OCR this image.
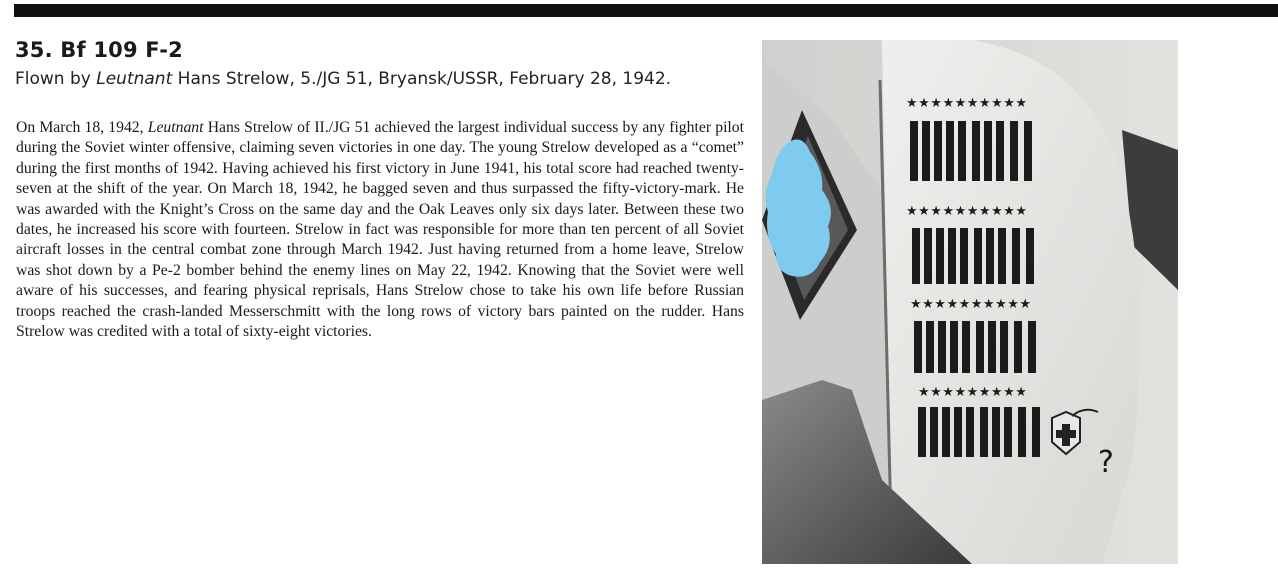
35. Bf 109 F-2
Flown by Leutnant Hans Strelow, 5./JG 51, Bryansk/USSR, February 28, 1942.

On March 18, 1942, Leutnant Hans Strelow of II./JG 51 achieved the largest individual success by any fighter pilot during the Soviet winter offensive, claiming seven victories in one day. The young Strelow developed as a “comet” during the first months of 1942. Having achieved his first victory in June 1941, his total score had reached twenty-seven at the shift of the year. On March 18, 1942, he bagged seven and thus surpassed the fifty-victory-mark. He was awarded with the Knight’s Cross on the same day and the Oak Leaves only six days later. Between these two dates, he increased his score with fourteen. Strelow in fact was responsible for more than ten percent of all Soviet aircraft losses in the central combat zone through March 1942. Just having returned from a home leave, Strelow was shot down by a Pe-2 bomber behind the enemy lines on May 22, 1942. Knowing that the Soviet were well aware of his successes, and fearing physical reprisals, Hans Strelow chose to take his own life before Russian troops reached the crash-landed Messerschmitt with the long rows of victory bars painted on the rudder. Hans Strelow was credited with a total of sixty-eight victories.

★★★★★★★★★★
★★★★★★★★★★
★★★★★★★★★★
★★★★★★★★★
?
